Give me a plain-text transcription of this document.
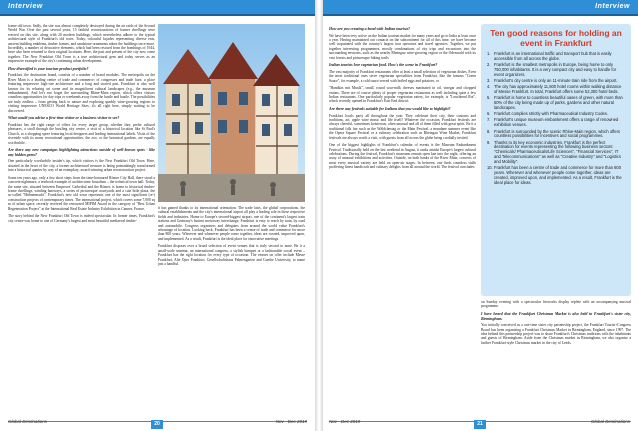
Interview

frame old town. Sadly, the site was almost completely destroyed during the air raids of the Second World War. Over the past several years, 15 faithful reconstructions of former dwellings were erected on this site, along with 20 modern buildings, which nevertheless adhere to the typical architectural style of Frankfurt's old town. Today, colourful façades representing diverse eras, ancient building emblems, timber frames, and sandstone ornaments adorn the buildings once more. Incredibly, a number of decorative elements, which had been rescued from the bombings of 1944, have also been returned to their original locations. Here, the past and present of the city now come together. The New Frankfurt Old Town is a true architectural gem and today serves as an impressive example of the city's continuing urban development.

How diversified is your tourism product portfolio?

Frankfurt, the destination brand, consists of a number of brand modules. The metropolis on the River Main is a leading centre of trade and commerce; of congresses and trade fairs; a place featuring impressive high-rise architecture and a long and storied past. Frankfurt is also well known for its relaxing art scene and its magnificent cultural landscapes (e.g., the museum embankment). And let's not forget the surrounding Rhine-Main region, which offers visitors countless opportunities for day trips or weekends away from the hustle and bustle. The possibilities are truly endless – from getting back to nature and exploring sparkly wine-growing regions to visiting impressive UNESCO World Heritage Sites, it's all right here, simply waiting to be discovered.

What would you advise a first-time visitor or a business visitor to see?

Frankfurt has the right range of offers for every target group, whether they prefer cultural pleasures, a stroll through the bustling city centre, a visit of a historical location like St Paul's Church, or a shopping spree featuring local designers and leading international labels. Visits of the riverside with its many recreational opportunities, the zoo, or the botanical gardens, are equally worthwhile.

Are there any new campaigns highlighting attractions outside of well-known spots - like any hidden gems?

One particularly worthwhile insider's tip, which visitors is the New Frankfurt Old Town. Here, situated in the heart of the city, a former architectural treasure is being painstakingly transformed into a historical quarter by way of an exemplary, award-winning urban reconstruction project.

Some ten years ago, only a few short steps from the time-honoured Römer City Hall, there stood a concrete nightmare, a textbook example of architectonic brutalism – the technical town hall. Today, the same site, situated between Emperors' Cathedral and the Römer, is home to historical timber-frame dwellings, winding laneways, a series of picturesque courtyards and a cute little plaza, the so-called "Hühnermarkt". Frankfurt's new old town represents one of the most significant (re-) construction projects of contemporary times. The international project, which covers some 7,000 sq m of urban space, recently received the renowned MIPIM Award in the category of "Best Urban Regeneration Project" at the International Real Estate Industry Exhibition in Cannes, France.

The story behind the New Frankfurt Old Town is indeed spectacular. In former times, Frankfurt's city centre was home to one of Germany's largest and most beautiful mediaeval timber-

it has gained thanks to its international orientation. The trade fairs, the global corporations, the cultural establishments and the city's international airport all play a leading role in these respective fields and industries. Home to Europe's second-biggest airport, one of the continent's largest train stations and Germany's busiest motorway interchange, Frankfurt is easy to reach by train, by road and automobile. Congress organisers and delegates from around the world value Frankfurt's advantage of location. Looking back, Frankfurt has been a centre of trade and commerce for more than 800 years. Wherever and whenever people come together, ideas are created, improved upon, and implemented. As a result, Frankfurt is the ideal place for innovative meetings.

Frankfurt disposes over a broad selection of event venues that is truly second to none. Be it a small-scale seminar, an international congress, a stylish banquet or a fashionable social event – Frankfurt has the right location for every type of occasion. The venues on offer include Messe Frankfurt, Alte Oper Frankfurt, Gesellschaftshaus Palmengarten and Goethe University, to name just a handful.

Global Destinations	20	Nov - Dec 2019
Interview
How are you creating a bond with Indian tourists?

We have been very active on the Indian tourism market for many years and go to India at least once a year. Having maintained our contacts on the subcontinent for all of this time, we have become well acquainted with the country's largest tour operators and travel agencies. Together, we put together interesting programmes, mostly combinations of city trips and excursions into the surrounding environs, such as the nearby Rheingau wine-growing region or the Odenwald with its vast forests and picturesque hiking trails.

Indian tourists love vegetarian food. How's the scene in Frankfurt?

The vast majority of Frankfurt restaurants offer at least a small selection of vegetarian dishes. Even the most traditional ones serve vegetarian specialities from Frankfurt, like the famous "Green Sauce", for example, a cold sauce served with boiled eggs and potatoes, or

"Handkäs mit Musik", small, round sour-milk cheeses marinated in oil, vinegar and chopped onions. There are of course plenty of proper vegetarian restaurants as well including quite a few Indian restaurants. One particularly popular vegetarian eatery, for example, is "Leuchtend Rot", which recently opened in Frankfurt's East End district.

Are there any festivals suitable for Indians that you would like to highlight?

Frankfurt locals party all throughout the year. They celebrate their city, their customs and traditions, art, apple wine music and life itself! Whatever the occasion, Frankfurt festivals are always cheerful, sometimes boisterous, often unusual and all of them filled with great spirit. Be it a traditional folk fair such as the Wäldchestag or the Main Festival, a mundane summer event like the Opera Square Festival or a culinary celebration such as Rheingau Wine Market, Frankfurt festivals are always worth a visit, with guests from all across the globe being cordially invited.

One of the biggest highlights of Frankfurt's calendar of events is the Museum Embankment Festival. Traditionally held on the last weekend in August, it ranks amidst Europe's largest cultural celebrations. During the festival, Frankfurt's museums remain open late into the night, offering an array of unusual exhibitions and activities. Outside, on both banks of the River Main, concerts of most every musical variety are held on open-air stages. In between, one finds countless stalls proffering finest handicraft and culinary delights from all around the world. The festival concludes

Ten good reasons for holding an event in Frankfurt
1. Frankfurt is an international traffic and transport hub that is easily accessible from all across the globe.
2. Frankfurt is the smallest metropolis in Europe, being home to only 750,000 inhabitants. It is a very compact city and easy to handle for event organizers.
3. Frankfurt's city centre is only an 11-minute train ride from the airport.
4. The city has approximately 11,500 hotel rooms within walking distance of Messe Frankfurt. In total, Frankfurt offers some 52,300 hotel beds.
5. Frankfurt is home to countless beautiful oases of green, with more than 50% of the city being made up of parks, gardens and other natural landscapes.
6. Frankfurt complies strictly with Pharmaceutical Industry Codes.
7. Frankfurt's unique museum embankment offers a range of renowned exhibition venues.
8. Frankfurt is surrounded by the scenic Rhine-Main region, which offers countless possibilities for incentives and social programmes.
9. Thanks to its key economic industries, Frankfurt is the perfect destination for events representing the following business sectors: "Chemicals/ Pharmaceuticals/Life Sciences", "Financial Services", IT and Telecommunications" as well as "Creative Industry" and "Logistics and Mobility".
10. Frankfurt has been a centre of trade and commerce for more than 800 years. Wherever and whenever people come together, ideas are created, improved upon, and implemented. As a result, Frankfurt is the ideal place for ideas.

on Sunday evening with a spectacular fireworks display replete with an accompanying musical programme.

I have heard that the Frankfurt Christmas Market is also held in Frankfurt's sister city, Birmingham.

You initially conceived as a one-time sister city partnership project, the Frankfurt Tourist+Congress Board has been organising a Frankfurt Christmas Market in Birmingham, England, since 1997. The idea behind this partnership project was to share Frankfurt's Christmas traditions with the inhabitants and guests of Birmingham. Aside from the Christmas market in Birmingham, we also organise a further Frankfurt-style Christmas market in the city of Leeds.

Nov - Dec 2019	21	Global Destinations
